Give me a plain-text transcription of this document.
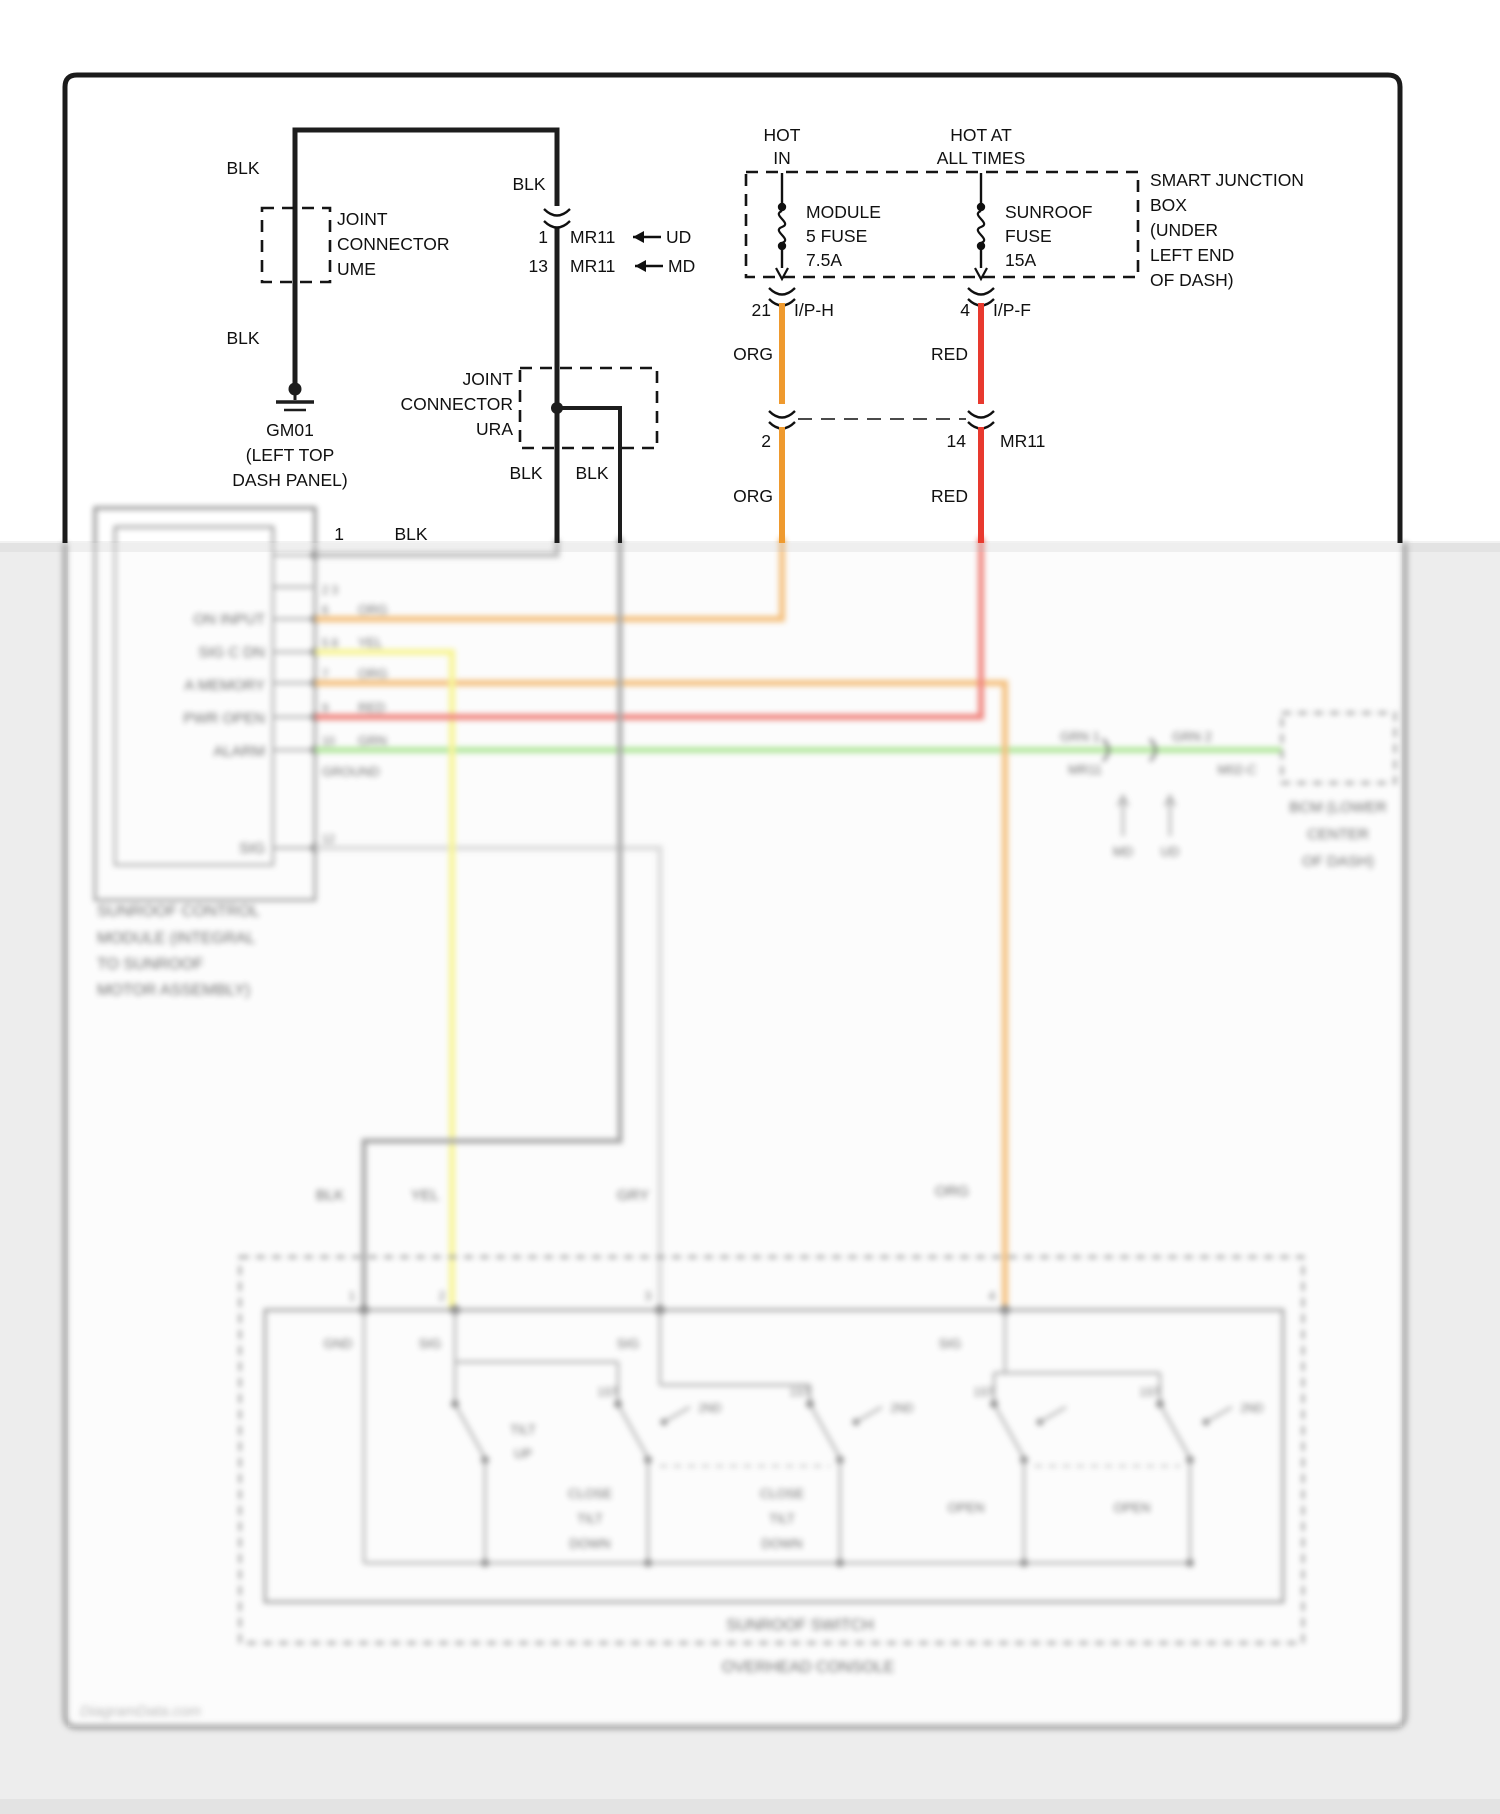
SUNROOF CONTROL
MODULE (INTEGRAL
TO SUNROOF
MOTOR ASSEMBLY)
2 3
6
5 8
7
9
10
12
ORG
YEL
ORG
RED
GRN
GROUND
ON INPUT
SIG C DN
A MEMORY
PWR OPEN
ALARM
SIG
GRN 1	GRN 2
MR11	M02-C
MD UD
BCM (LOWER
CENTER
OF DASH)
BLK	YEL	GRY	ORG
1	2	3	4
GND	SIG	SIG	SIG
TILT
UP
1ST
2ND
CLOSE
TILT
DOWN
1ST
2ND
CLOSE
TILT
DOWN
1ST
OPEN
1ST
2ND
OPEN
SUNROOF SWITCH
OVERHEAD CONSOLE
DiagramData.com
BLK
BLK
BLK
BLK BLK
JOINT
CONNECTOR
UME
GM01
(LEFT TOP
DASH PANEL)
1 MR11	UD
13 MR11	MD
JOINT
CONNECTOR
URA
1	BLK
HOT
IN
HOT AT
ALL TIMES
MODULE
5 FUSE
7.5A
SUNROOF
FUSE
15A
SMART JUNCTION
BOX
(UNDER
LEFT END
OF DASH)
21 I/P-H	4 I/P-F
ORG	RED
2	14 MR11
ORG	RED
